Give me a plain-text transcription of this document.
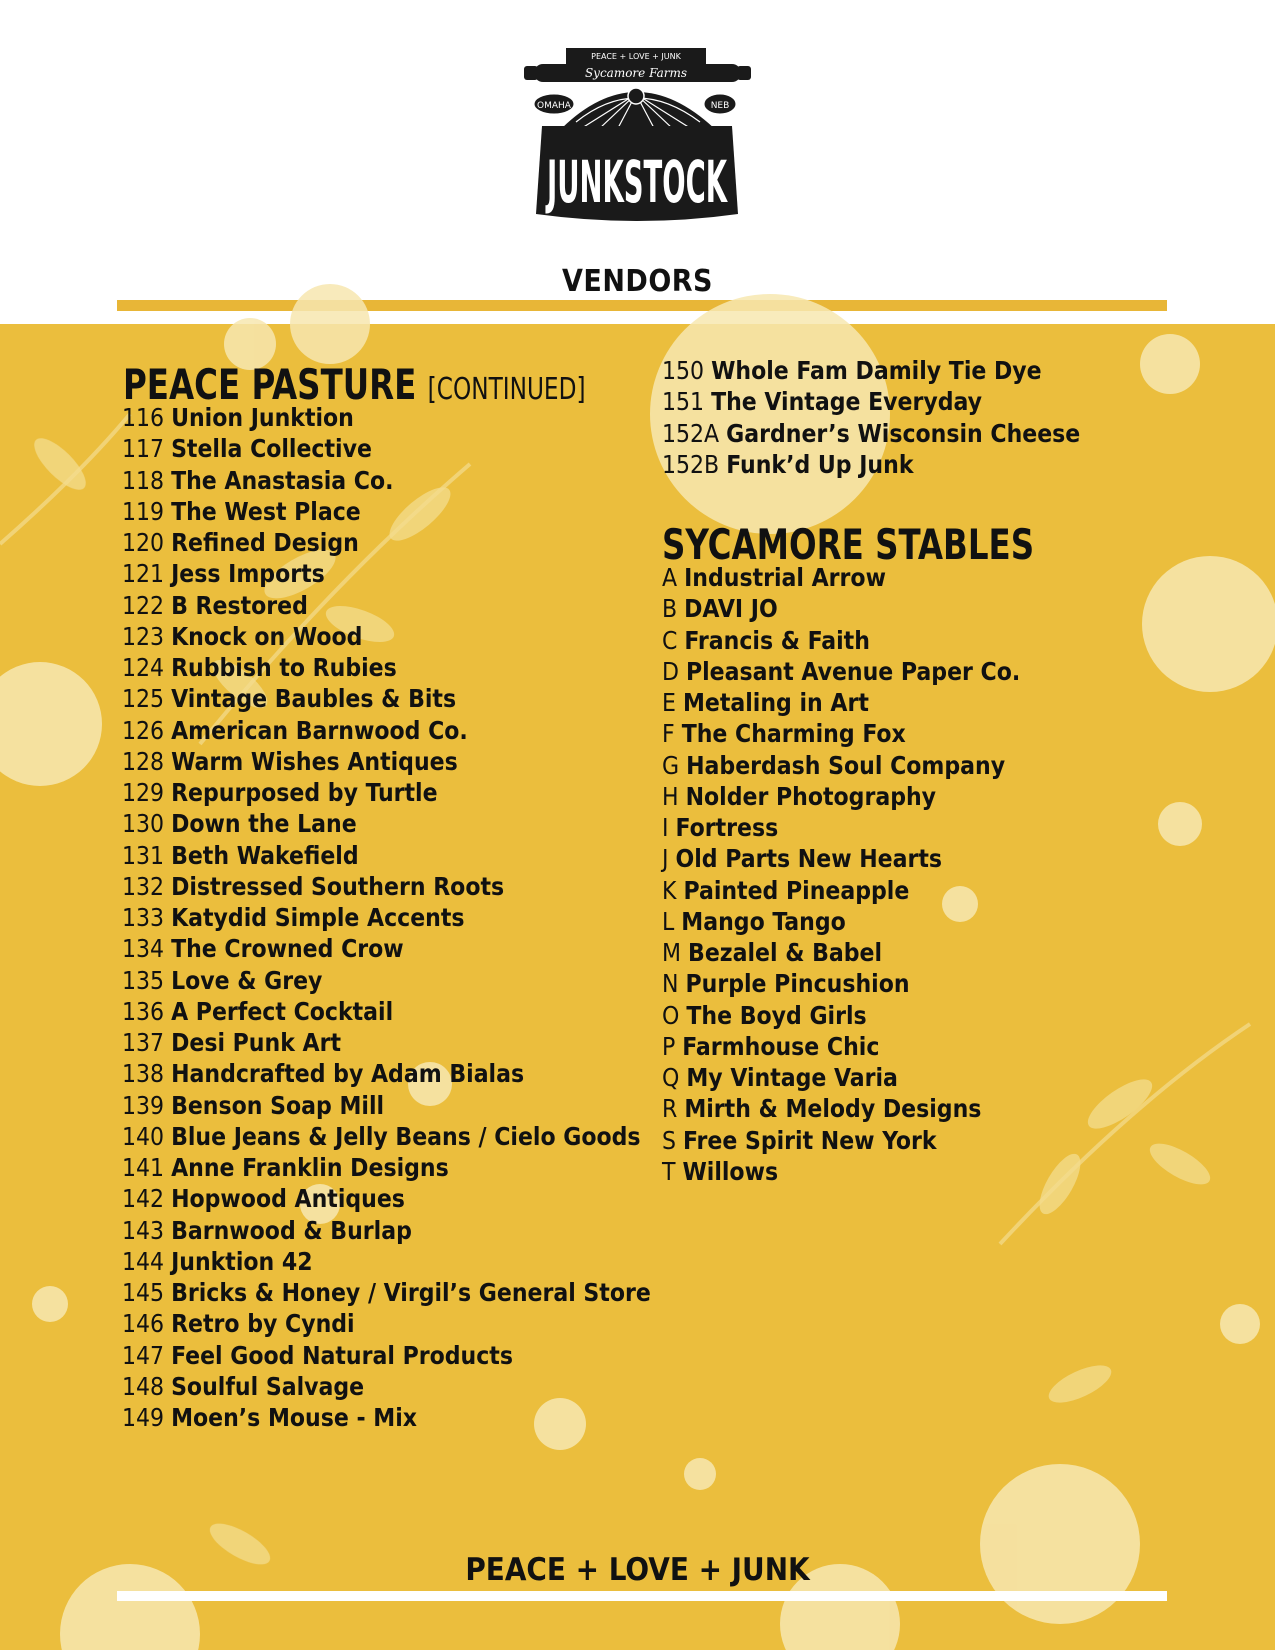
PEACE + LOVE + JUNK
Sycamore Farms
OMAHA	NEB
JUNKSTOCK
VENDORS
PEACE PASTURE [CONTINUED]
116 Union Junktion
117 Stella Collective
118 The Anastasia Co.
119 The West Place
120 Refined Design
121 Jess Imports
122 B Restored
123 Knock on Wood
124 Rubbish to Rubies
125 Vintage Baubles & Bits
126 American Barnwood Co.
128 Warm Wishes Antiques
129 Repurposed by Turtle
130 Down the Lane
131 Beth Wakefield
132 Distressed Southern Roots
133 Katydid Simple Accents
134 The Crowned Crow
135 Love & Grey
136 A Perfect Cocktail
137 Desi Punk Art
138 Handcrafted by Adam Bialas
139 Benson Soap Mill
140 Blue Jeans & Jelly Beans / Cielo Goods
141 Anne Franklin Designs
142 Hopwood Antiques
143 Barnwood & Burlap
144 Junktion 42
145 Bricks & Honey / Virgil’s General Store
146 Retro by Cyndi
147 Feel Good Natural Products
148 Soulful Salvage
149 Moen’s Mouse - Mix
150 Whole Fam Damily Tie Dye
151 The Vintage Everyday
152A Gardner’s Wisconsin Cheese
152B Funk’d Up Junk
SYCAMORE STABLES
A Industrial Arrow
B DAVI JO
C Francis & Faith
D Pleasant Avenue Paper Co.
E Metaling in Art
F The Charming Fox
G Haberdash Soul Company
H Nolder Photography
I Fortress
J Old Parts New Hearts
K Painted Pineapple
L Mango Tango
M Bezalel & Babel
N Purple Pincushion
O The Boyd Girls
P Farmhouse Chic
Q My Vintage Varia
R Mirth & Melody Designs
S Free Spirit New York
T Willows
PEACE + LOVE + JUNK
